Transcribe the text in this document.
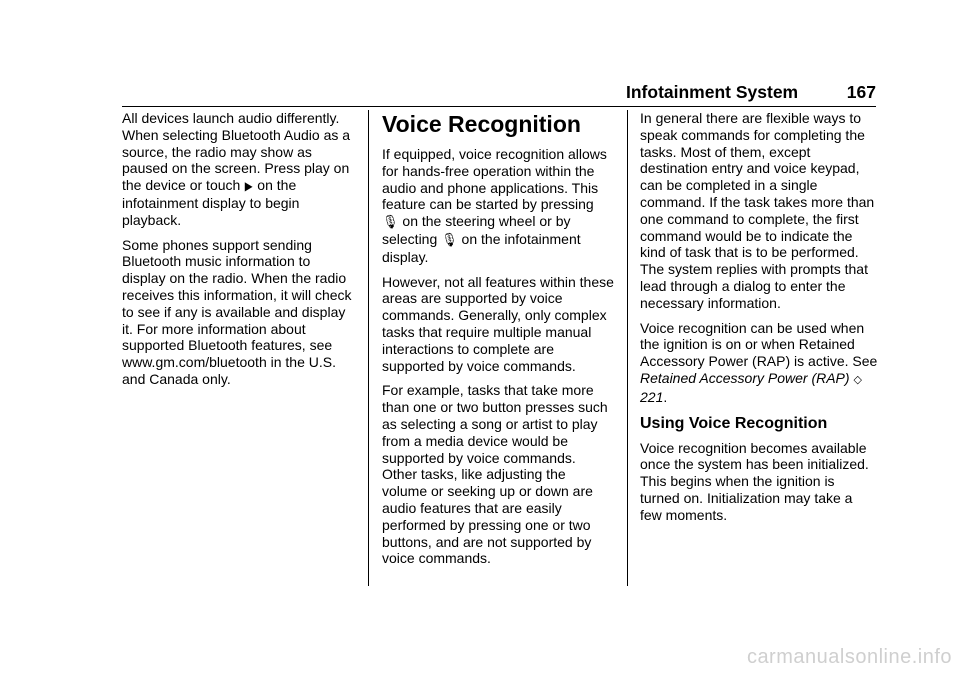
Infotainment System	167

All devices launch audio differently. When selecting Bluetooth Audio as a source, the radio may show as paused on the screen. Press play on the device or touch ▶ on the infotainment display to begin playback.

Some phones support sending Bluetooth music information to display on the radio. When the radio receives this information, it will check to see if any is available and display it. For more information about supported Bluetooth features, see www.gm.com/bluetooth in the U.S. and Canada only.

Voice Recognition

If equipped, voice recognition allows for hands-free operation within the audio and phone applications. This feature can be started by pressing 🎙 on the steering wheel or by selecting 🎙 on the infotainment display.

However, not all features within these areas are supported by voice commands. Generally, only complex tasks that require multiple manual interactions to complete are supported by voice commands.

For example, tasks that take more than one or two button presses such as selecting a song or artist to play from a media device would be supported by voice commands. Other tasks, like adjusting the volume or seeking up or down are audio features that are easily performed by pressing one or two buttons, and are not supported by voice commands.

In general there are flexible ways to speak commands for completing the tasks. Most of them, except destination entry and voice keypad, can be completed in a single command. If the task takes more than one command to complete, the first command would be to indicate the kind of task that is to be performed. The system replies with prompts that lead through a dialog to enter the necessary information.

Voice recognition can be used when the ignition is on or when Retained Accessory Power (RAP) is active. See Retained Accessory Power (RAP) ◇ 221.

Using Voice Recognition

Voice recognition becomes available once the system has been initialized. This begins when the ignition is turned on. Initialization may take a few moments.

carmanualsonline.info
